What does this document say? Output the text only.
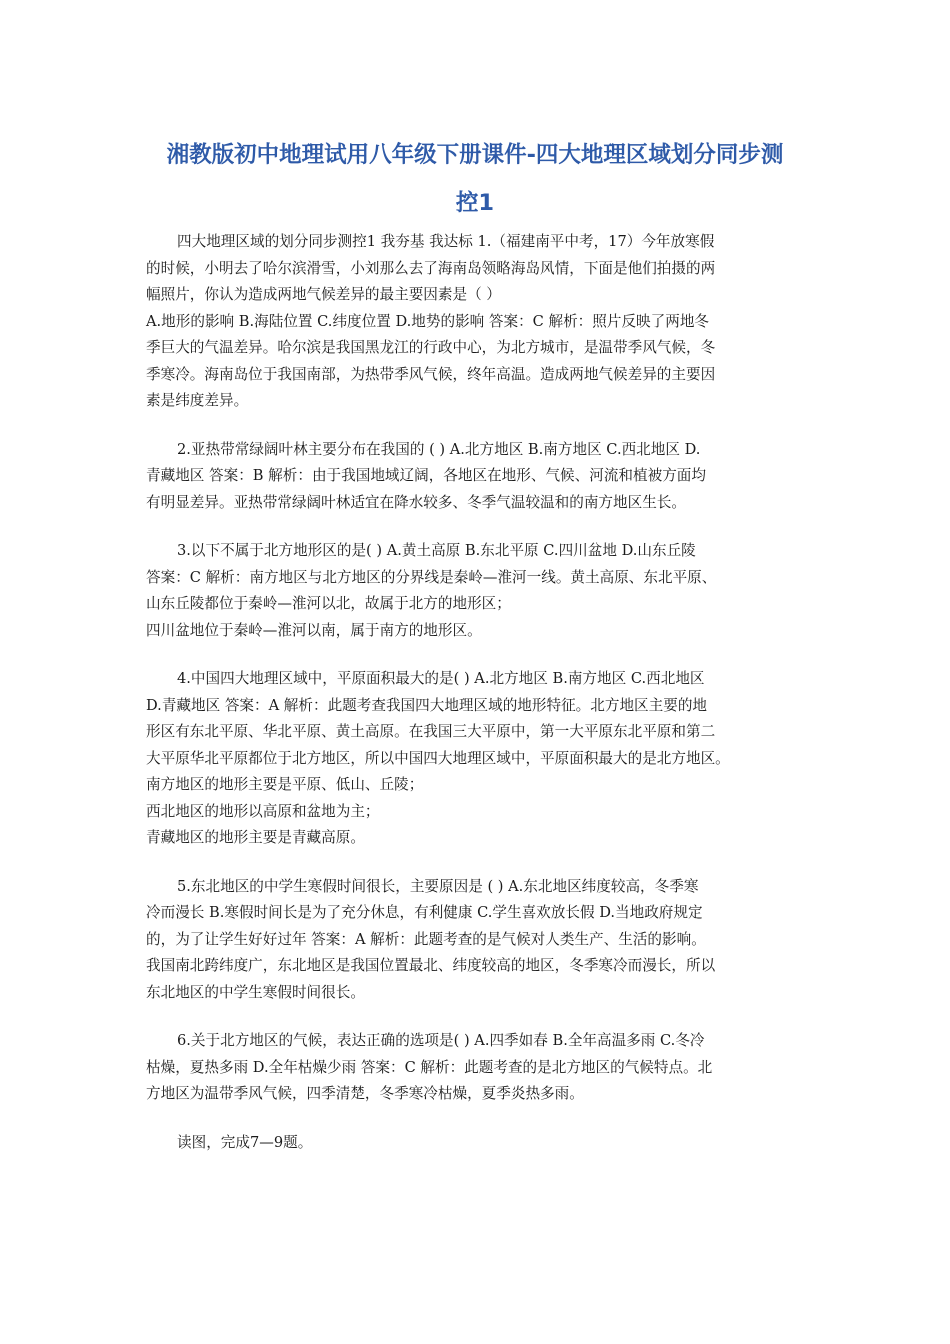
湘教版初中地理试用八年级下册课件-四大地理区域划分同步测
控1
四大地理区域的划分同步测控1 我夯基 我达标 1.（福建南平中考，17）今年放寒假
的时候，小明去了哈尔滨滑雪，小刘那么去了海南岛领略海岛风情，下面是他们拍摄的两
幅照片，你认为造成两地气候差异的最主要因素是（ ）
A.地形的影响 B.海陆位置 C.纬度位置 D.地势的影响 答案：C 解析：照片反映了两地冬
季巨大的气温差异。哈尔滨是我国黑龙江的行政中心，为北方城市，是温带季风气候，冬
季寒冷。海南岛位于我国南部，为热带季风气候，终年高温。造成两地气候差异的主要因
素是纬度差异。
2.亚热带常绿阔叶林主要分布在我国的 ( ) A.北方地区 B.南方地区 C.西北地区 D.
青藏地区 答案：B 解析：由于我国地域辽阔，各地区在地形、气候、河流和植被方面均
有明显差异。亚热带常绿阔叶林适宜在降水较多、冬季气温较温和的南方地区生长。
3.以下不属于北方地形区的是( ) A.黄土高原 B.东北平原 C.四川盆地 D.山东丘陵
答案：C 解析：南方地区与北方地区的分界线是秦岭—淮河一线。黄土高原、东北平原、
山东丘陵都位于秦岭—淮河以北，故属于北方的地形区；
四川盆地位于秦岭—淮河以南，属于南方的地形区。
4.中国四大地理区域中，平原面积最大的是( ) A.北方地区 B.南方地区 C.西北地区
D.青藏地区 答案：A 解析：此题考查我国四大地理区域的地形特征。北方地区主要的地
形区有东北平原、华北平原、黄土高原。在我国三大平原中，第一大平原东北平原和第二
大平原华北平原都位于北方地区，所以中国四大地理区域中，平原面积最大的是北方地区。
南方地区的地形主要是平原、低山、丘陵；
西北地区的地形以高原和盆地为主；
青藏地区的地形主要是青藏高原。
5.东北地区的中学生寒假时间很长，主要原因是 ( ) A.东北地区纬度较高，冬季寒
冷而漫长 B.寒假时间长是为了充分休息，有利健康 C.学生喜欢放长假 D.当地政府规定
的，为了让学生好好过年 答案：A 解析：此题考查的是气候对人类生产、生活的影响。
我国南北跨纬度广，东北地区是我国位置最北、纬度较高的地区，冬季寒冷而漫长，所以
东北地区的中学生寒假时间很长。
6.关于北方地区的气候，表达正确的选项是( ) A.四季如春 B.全年高温多雨 C.冬冷
枯燥，夏热多雨 D.全年枯燥少雨 答案：C 解析：此题考查的是北方地区的气候特点。北
方地区为温带季风气候，四季清楚，冬季寒冷枯燥，夏季炎热多雨。
读图，完成7—9题。
